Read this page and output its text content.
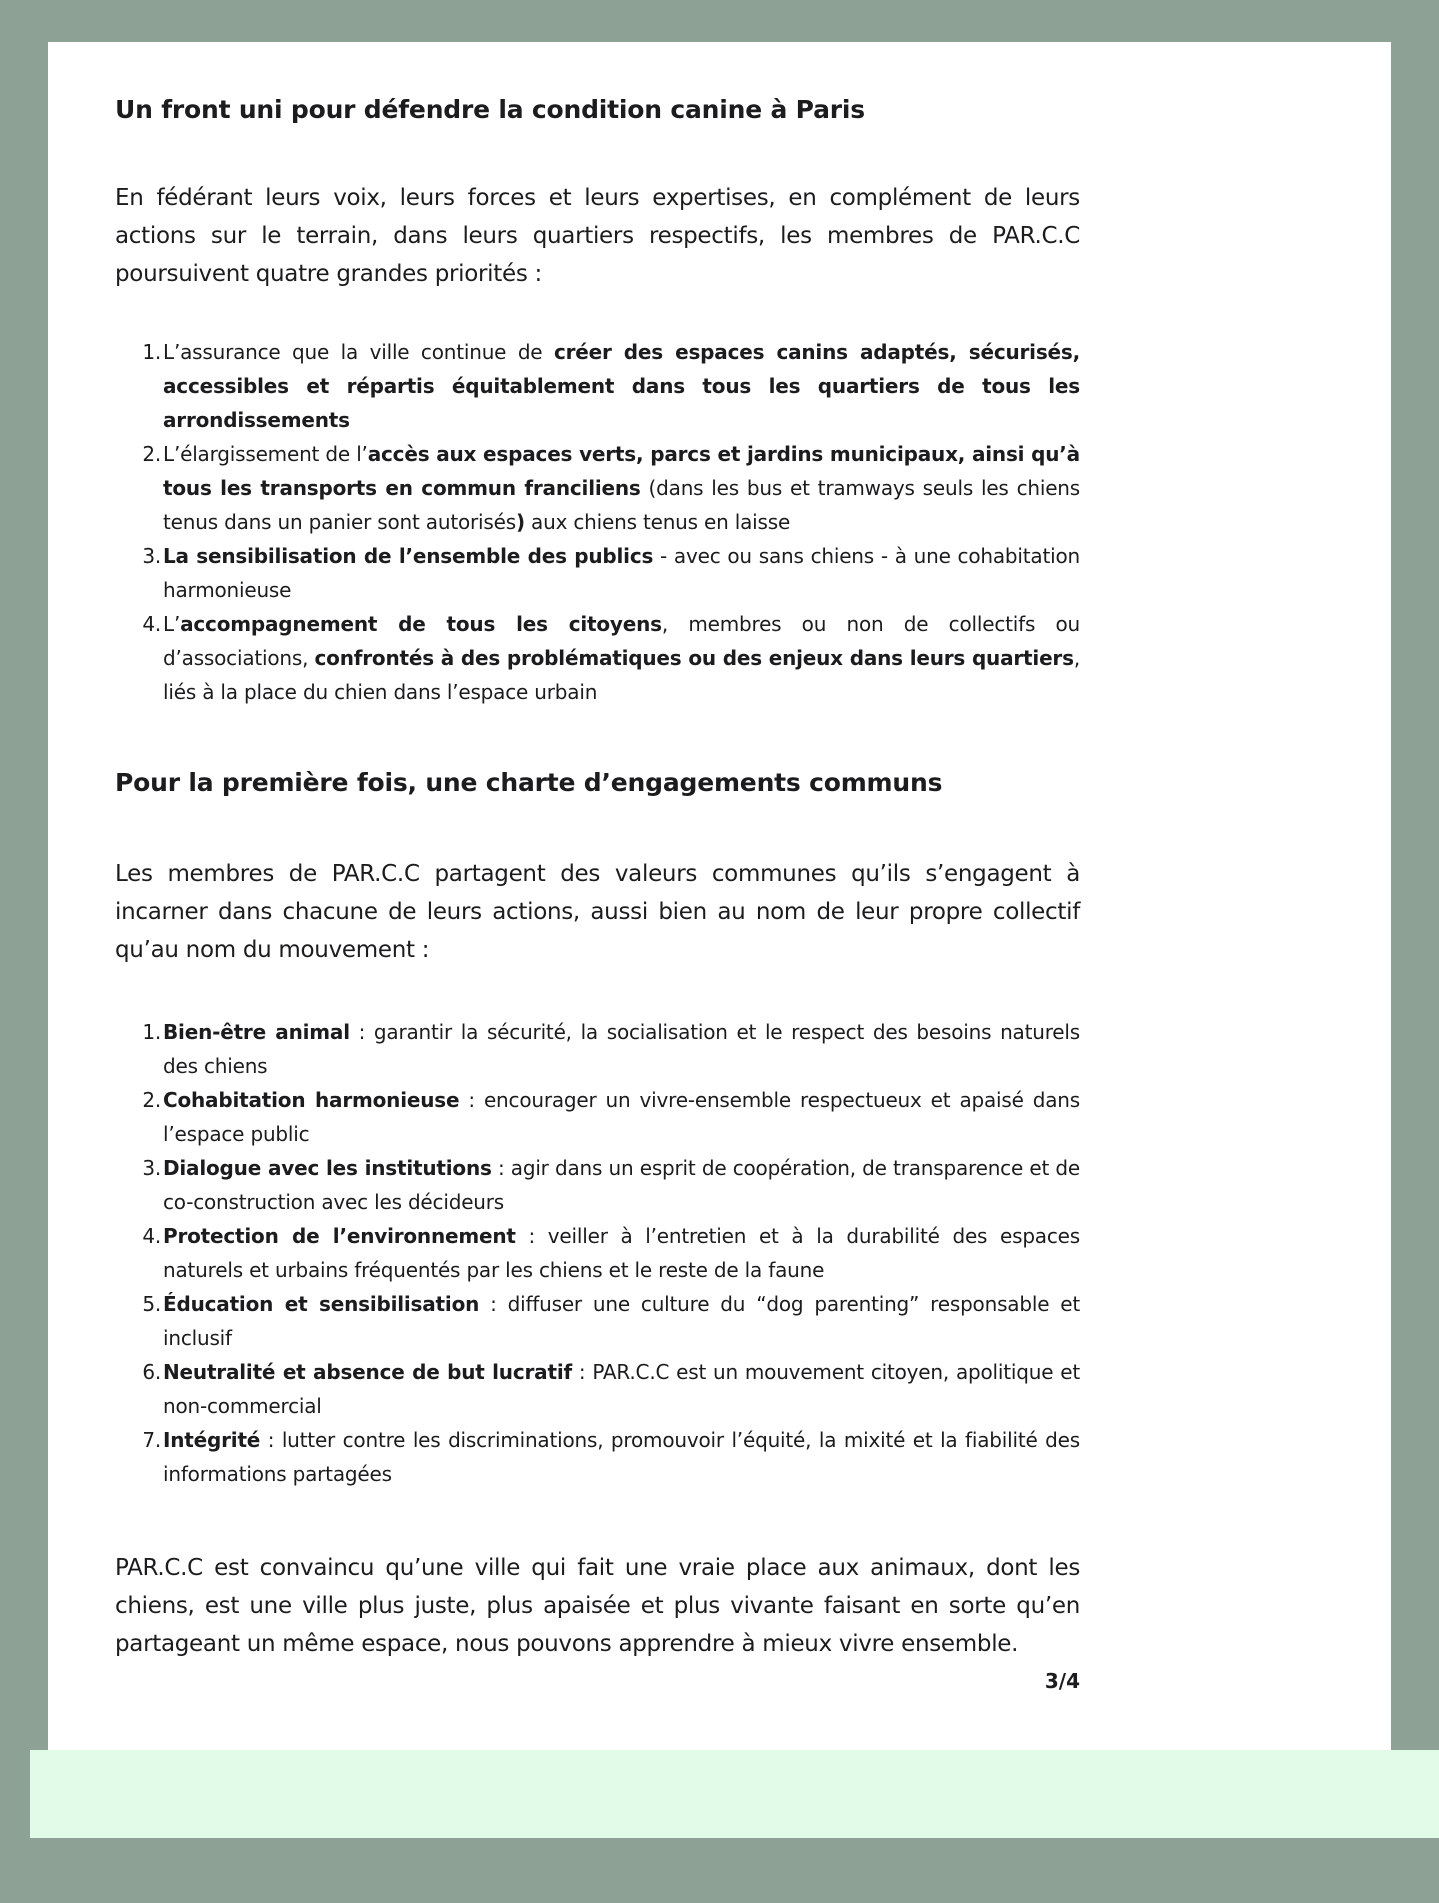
Un front uni pour défendre la condition canine à Paris

En fédérant leurs voix, leurs forces et leurs expertises, en complément de leurs actions sur le terrain, dans leurs quartiers respectifs, les membres de PAR.C.C poursuivent quatre grandes priorités :

1. L’assurance que la ville continue de créer des espaces canins adaptés, sécurisés, accessibles et répartis équitablement dans tous les quartiers de tous les arrondissements
2. L’élargissement de l’accès aux espaces verts, parcs et jardins municipaux, ainsi qu’à tous les transports en commun franciliens (dans les bus et tramways seuls les chiens tenus dans un panier sont autorisés) aux chiens tenus en laisse
3. La sensibilisation de l’ensemble des publics - avec ou sans chiens - à une cohabitation harmonieuse
4. L’accompagnement de tous les citoyens, membres ou non de collectifs ou d’associations, confrontés à des problématiques ou des enjeux dans leurs quartiers, liés à la place du chien dans l’espace urbain
Pour la première fois, une charte d’engagements communs

Les membres de PAR.C.C partagent des valeurs communes qu’ils s’engagent à incarner dans chacune de leurs actions, aussi bien au nom de leur propre collectif qu’au nom du mouvement :

1. Bien-être animal : garantir la sécurité, la socialisation et le respect des besoins naturels des chiens
2. Cohabitation harmonieuse : encourager un vivre-ensemble respectueux et apaisé dans l’espace public
3. Dialogue avec les institutions : agir dans un esprit de coopération, de transparence et de co-construction avec les décideurs
4. Protection de l’environnement : veiller à l’entretien et à la durabilité des espaces naturels et urbains fréquentés par les chiens et le reste de la faune
5. Éducation et sensibilisation : diffuser une culture du “dog parenting” responsable et inclusif
6. Neutralité et absence de but lucratif : PAR.C.C est un mouvement citoyen, apolitique et non-commercial
7. Intégrité : lutter contre les discriminations, promouvoir l’équité, la mixité et la fiabilité des informations partagées

PAR.C.C est convaincu qu’une ville qui fait une vraie place aux animaux, dont les chiens, est une ville plus juste, plus apaisée et plus vivante faisant en sorte qu’en partageant un même espace, nous pouvons apprendre à mieux vivre ensemble.

3/4
